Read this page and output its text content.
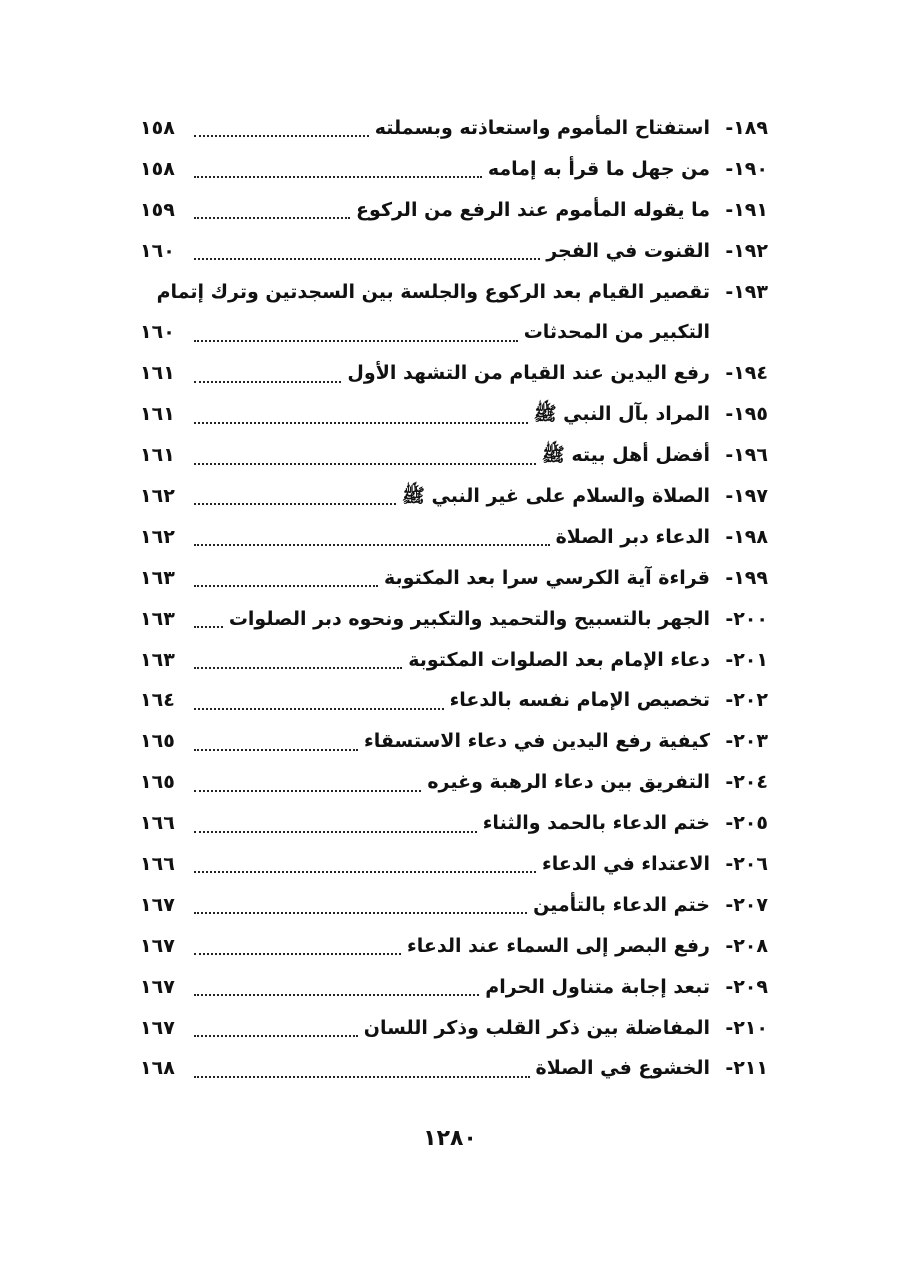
١٨٩-
استفتاح المأموم واستعاذته وبسملته
١٥٨
١٩٠-
من جهل ما قرأ به إمامه
١٥٨
١٩١-
ما يقوله المأموم عند الرفع من الركوع
١٥٩
١٩٢-
القنوت في الفجر
١٦٠
١٩٣-
تقصير القيام بعد الركوع والجلسة بين السجدتين وترك إتمام
التكبير من المحدثات
١٦٠
١٩٤-
رفع اليدين عند القيام من التشهد الأول
١٦١
١٩٥-
المراد بآل النبي ﷺ
١٦١
١٩٦-
أفضل أهل بيته ﷺ
١٦١
١٩٧-
الصلاة والسلام على غير النبي ﷺ
١٦٢
١٩٨-
الدعاء دبر الصلاة
١٦٢
١٩٩-
قراءة آية الكرسي سرا بعد المكتوبة
١٦٣
٢٠٠-
الجهر بالتسبيح والتحميد والتكبير ونحوه دبر الصلوات
١٦٣
٢٠١-
دعاء الإمام بعد الصلوات المكتوبة
١٦٣
٢٠٢-
تخصيص الإمام نفسه بالدعاء
١٦٤
٢٠٣-
كيفية رفع اليدين في دعاء الاستسقاء
١٦٥
٢٠٤-
التفريق بين دعاء الرهبة وغيره
١٦٥
٢٠٥-
ختم الدعاء بالحمد والثناء
١٦٦
٢٠٦-
الاعتداء في الدعاء
١٦٦
٢٠٧-
ختم الدعاء بالتأمين
١٦٧
٢٠٨-
رفع البصر إلى السماء عند الدعاء
١٦٧
٢٠٩-
تبعد إجابة متناول الحرام
١٦٧
٢١٠-
المفاضلة بين ذكر القلب وذكر اللسان
١٦٧
٢١١-
الخشوع في الصلاة
١٦٨
١٢٨٠
